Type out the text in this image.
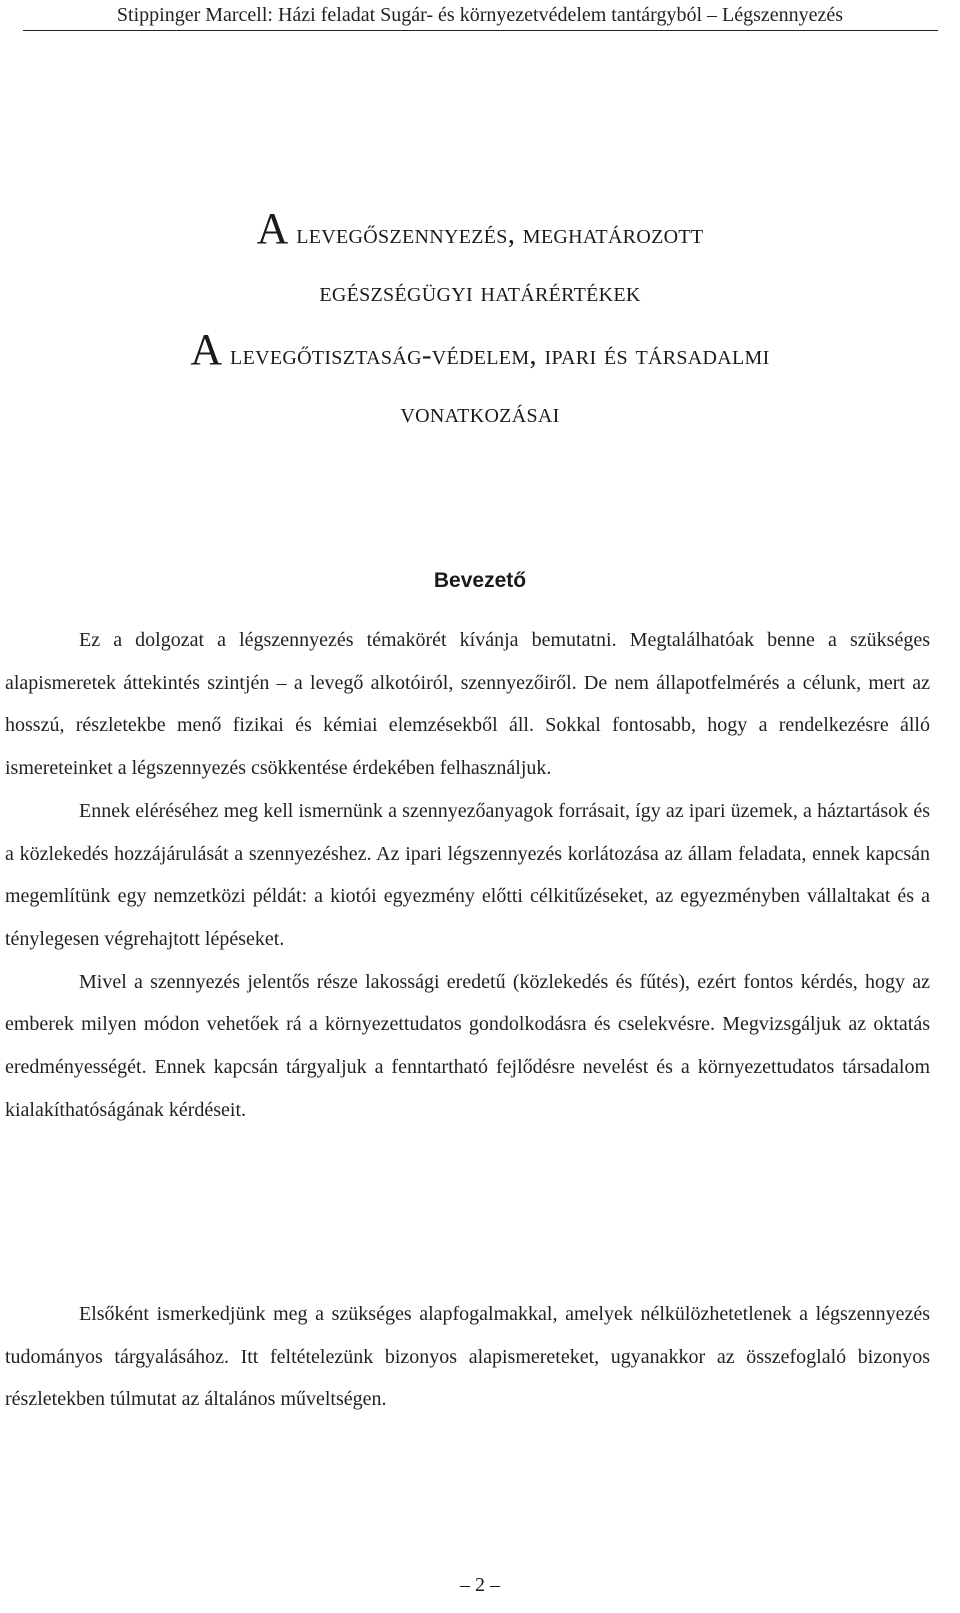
Stippinger Marcell: Házi feladat Sugár- és környezetvédelem tantárgyból – Légszennyezés
A levegőszennyezés, meghatározott
egészségügyi határértékek
A levegőtisztaság-védelem, ipari és társadalmi
vonatkozásai
Bevezető

Ez a dolgozat a légszennyezés témakörét kívánja bemutatni. Megtalálhatóak benne a szükséges alapismeretek áttekintés szintjén – a levegő alkotóiról, szennyezőiről. De nem állapotfelmérés a célunk, mert az hosszú, részletekbe menő fizikai és kémiai elemzésekből áll. Sokkal fontosabb, hogy a rendelkezésre álló ismereteinket a légszennyezés csökkentése érdekében felhasználjuk.

Ennek eléréséhez meg kell ismernünk a szennyezőanyagok forrásait, így az ipari üzemek, a háztartások és a közlekedés hozzájárulását a szennyezéshez. Az ipari légszennyezés korlátozása az állam feladata, ennek kapcsán megemlítünk egy nemzetközi példát: a kiotói egyezmény előtti célkitűzéseket, az egyezményben vállaltakat és a ténylegesen végrehajtott lépéseket.

Mivel a szennyezés jelentős része lakossági eredetű (közlekedés és fűtés), ezért fontos kérdés, hogy az emberek milyen módon vehetőek rá a környezettudatos gondolkodásra és cselekvésre. Megvizsgáljuk az oktatás eredményességét. Ennek kapcsán tárgyaljuk a fenntartható fejlődésre nevelést és a környezettudatos társadalom kialakíthatóságának kérdéseit.

Elsőként ismerkedjünk meg a szükséges alapfogalmakkal, amelyek nélkülözhetetlenek a légszennyezés tudományos tárgyalásához. Itt feltételezünk bizonyos alapismereteket, ugyanakkor az összefoglaló bizonyos részletekben túlmutat az általános műveltségen.

– 2 –
